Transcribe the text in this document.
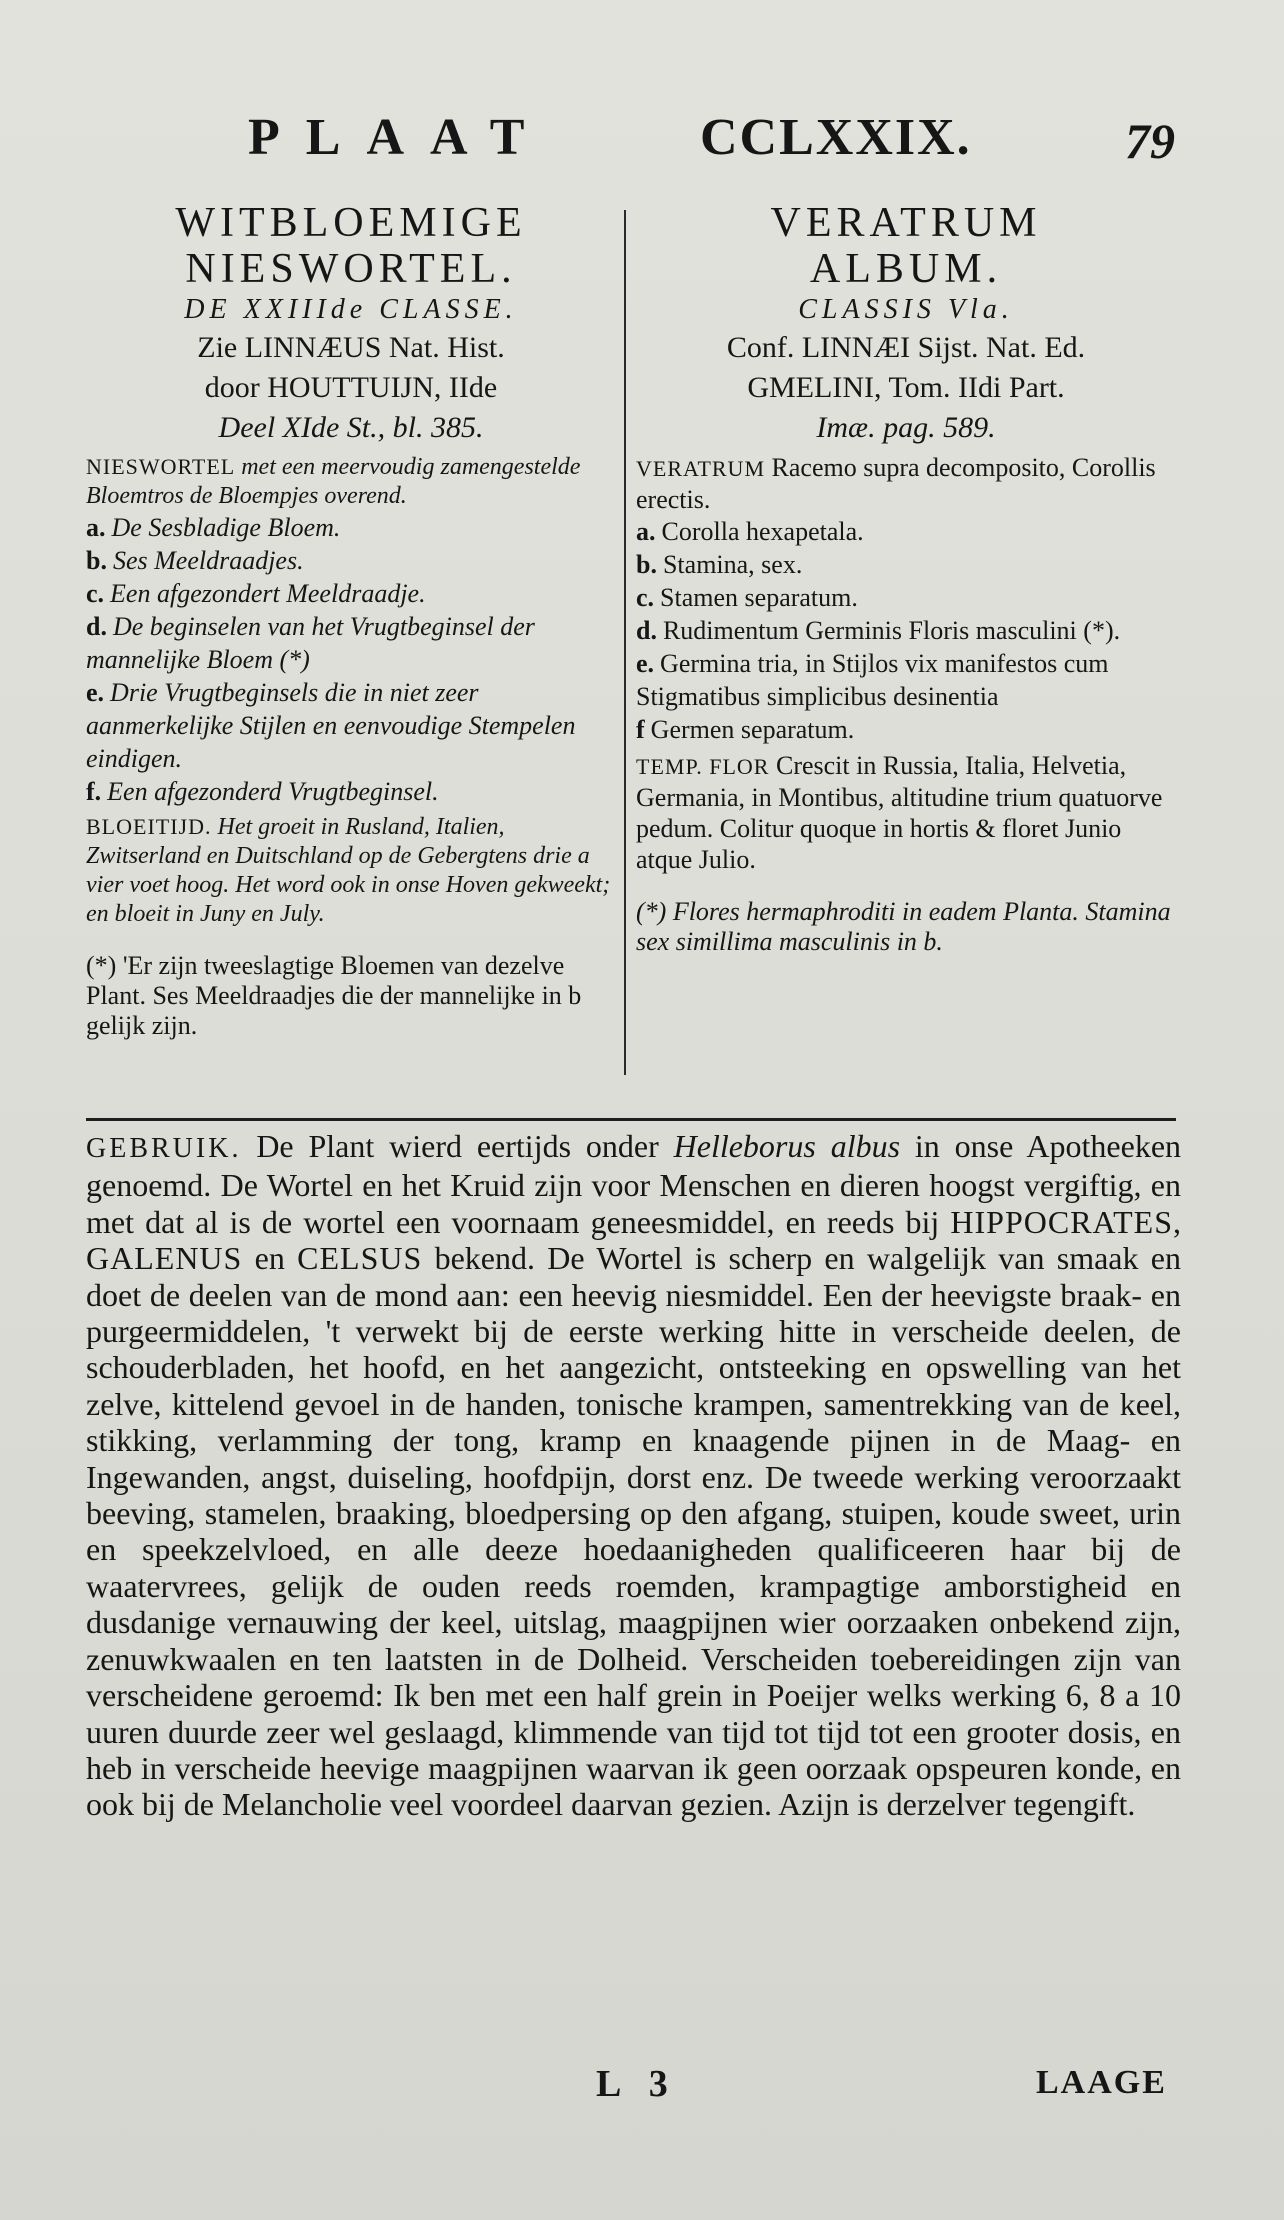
PLAAT	CCLXXIX.	79
WITBLOEMIGE
NIESWORTEL.
DE XXIIIde CLASSE.
Zie LINNÆUS Nat. Hist.
door HOUTTUIJN, IIde
Deel XIde St., bl. 385.
NIESWORTEL met een meervoudig zamengestelde Bloemtros de Bloempjes overend.
a. De Sesbladige Bloem.
b. Ses Meeldraadjes.
c. Een afgezondert Meeldraadje.
d. De beginselen van het Vrugtbeginsel der mannelijke Bloem (*)
e. Drie Vrugtbeginsels die in niet zeer aanmerkelijke Stijlen en eenvoudige Stempelen eindigen.
f. Een afgezonderd Vrugtbeginsel.
BLOEITIJD. Het groeit in Rusland, Italien, Zwitserland en Duitschland op de Gebergtens drie a vier voet hoog. Het word ook in onse Hoven gekweekt; en bloeit in Juny en July.
(*) 'Er zijn tweeslagtige Bloemen van dezelve Plant. Ses Meeldraadjes die der mannelijke in b gelijk zijn.
VERATRUM
ALBUM.
CLASSIS Vla.
Conf. LINNÆI Sijst. Nat. Ed.
GMELINI, Tom. IIdi Part.
Imæ. pag. 589.
VERATRUM Racemo supra decomposito, Corollis erectis.
a. Corolla hexapetala.
b. Stamina, sex.
c. Stamen separatum.
d. Rudimentum Germinis Floris masculini (*).
e. Germina tria, in Stijlos vix manifestos cum Stigmatibus simplicibus desinentia
f Germen separatum.
TEMP. FLOR Crescit in Russia, Italia, Helvetia, Germania, in Montibus, altitudine trium quatuorve pedum. Colitur quoque in hortis & floret Junio atque Julio.
(*) Flores hermaphroditi in eadem Planta. Stamina sex simillima masculinis in b.
GEBRUIK. De Plant wierd eertijds onder Helleborus albus in onse Apotheeken genoemd. De Wortel en het Kruid zijn voor Menschen en dieren hoogst vergiftig, en met dat al is de wortel een voornaam geneesmiddel, en reeds bij HIPPOCRATES, GALENUS en CELSUS bekend. De Wortel is scherp en walgelijk van smaak en doet de deelen van de mond aan: een heevig niesmiddel. Een der heevigste braak- en purgeermiddelen, 't verwekt bij de eerste werking hitte in verscheide deelen, de schouderbladen, het hoofd, en het aangezicht, ontsteeking en opswelling van het zelve, kittelend gevoel in de handen, tonische krampen, samentrekking van de keel, stikking, verlamming der tong, kramp en knaagende pijnen in de Maag- en Ingewanden, angst, duiseling, hoofdpijn, dorst enz. De tweede werking veroorzaakt beeving, stamelen, braaking, bloedpersing op den afgang, stuipen, koude sweet, urin en speekzelvloed, en alle deeze hoedaanigheden qualificeeren haar bij de waatervrees, gelijk de ouden reeds roemden, krampagtige amborstigheid en dusdanige vernauwing der keel, uitslag, maagpijnen wier oorzaaken onbekend zijn, zenuwkwaalen en ten laatsten in de Dolheid. Verscheiden toebereidingen zijn van verscheidene geroemd: Ik ben met een half grein in Poeijer welks werking 6, 8 a 10 uuren duurde zeer wel geslaagd, klimmende van tijd tot tijd tot een grooter dosis, en heb in verscheide heevige maagpijnen waarvan ik geen oorzaak opspeuren konde, en ook bij de Melancholie veel voordeel daarvan gezien. Azijn is derzelver tegengift.
L 3	LAAGE
